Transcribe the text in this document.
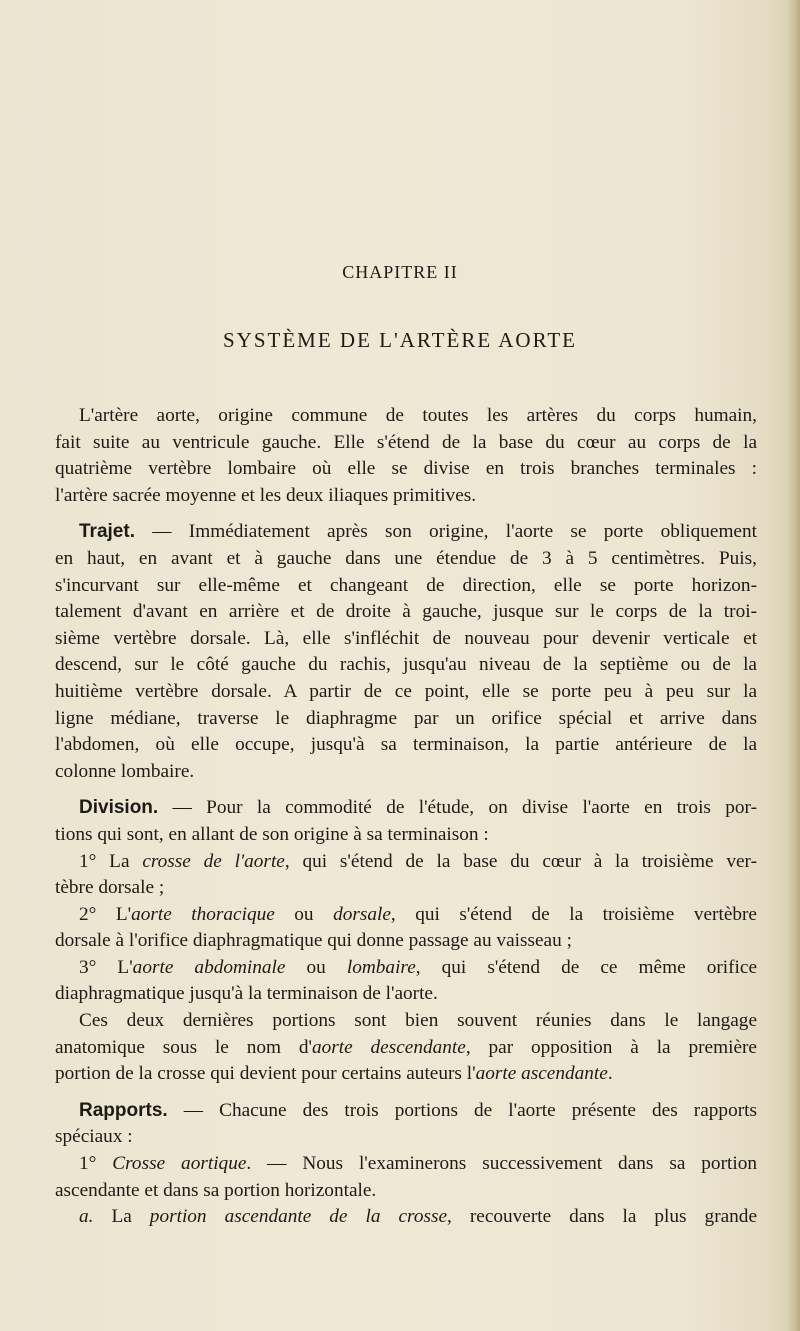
CHAPITRE II
SYSTÈME DE L'ARTÈRE AORTE
L'artère aorte, origine commune de toutes les artères du corps humain,
fait suite au ventricule gauche. Elle s'étend de la base du cœur au corps de la
quatrième vertèbre lombaire où elle se divise en trois branches terminales :
l'artère sacrée moyenne et les deux iliaques primitives.
Trajet. — Immédiatement après son origine, l'aorte se porte obliquement
en haut, en avant et à gauche dans une étendue de 3 à 5 centimètres. Puis,
s'incurvant sur elle-même et changeant de direction, elle se porte horizon-
talement d'avant en arrière et de droite à gauche, jusque sur le corps de la troi-
sième vertèbre dorsale. Là, elle s'infléchit de nouveau pour devenir verticale et
descend, sur le côté gauche du rachis, jusqu'au niveau de la septième ou de la
huitième vertèbre dorsale. A partir de ce point, elle se porte peu à peu sur la
ligne médiane, traverse le diaphragme par un orifice spécial et arrive dans
l'abdomen, où elle occupe, jusqu'à sa terminaison, la partie antérieure de la
colonne lombaire.
Division. — Pour la commodité de l'étude, on divise l'aorte en trois por-
tions qui sont, en allant de son origine à sa terminaison :
1° La crosse de l'aorte, qui s'étend de la base du cœur à la troisième ver-
tèbre dorsale ;
2° L'aorte thoracique ou dorsale, qui s'étend de la troisième vertèbre
dorsale à l'orifice diaphragmatique qui donne passage au vaisseau ;
3° L'aorte abdominale ou lombaire, qui s'étend de ce même orifice
diaphragmatique jusqu'à la terminaison de l'aorte.
Ces deux dernières portions sont bien souvent réunies dans le langage
anatomique sous le nom d'aorte descendante, par opposition à la première
portion de la crosse qui devient pour certains auteurs l'aorte ascendante.
Rapports. — Chacune des trois portions de l'aorte présente des rapports
spéciaux :
1° Crosse aortique. — Nous l'examinerons successivement dans sa portion
ascendante et dans sa portion horizontale.
a. La portion ascendante de la crosse, recouverte dans la plus grande
